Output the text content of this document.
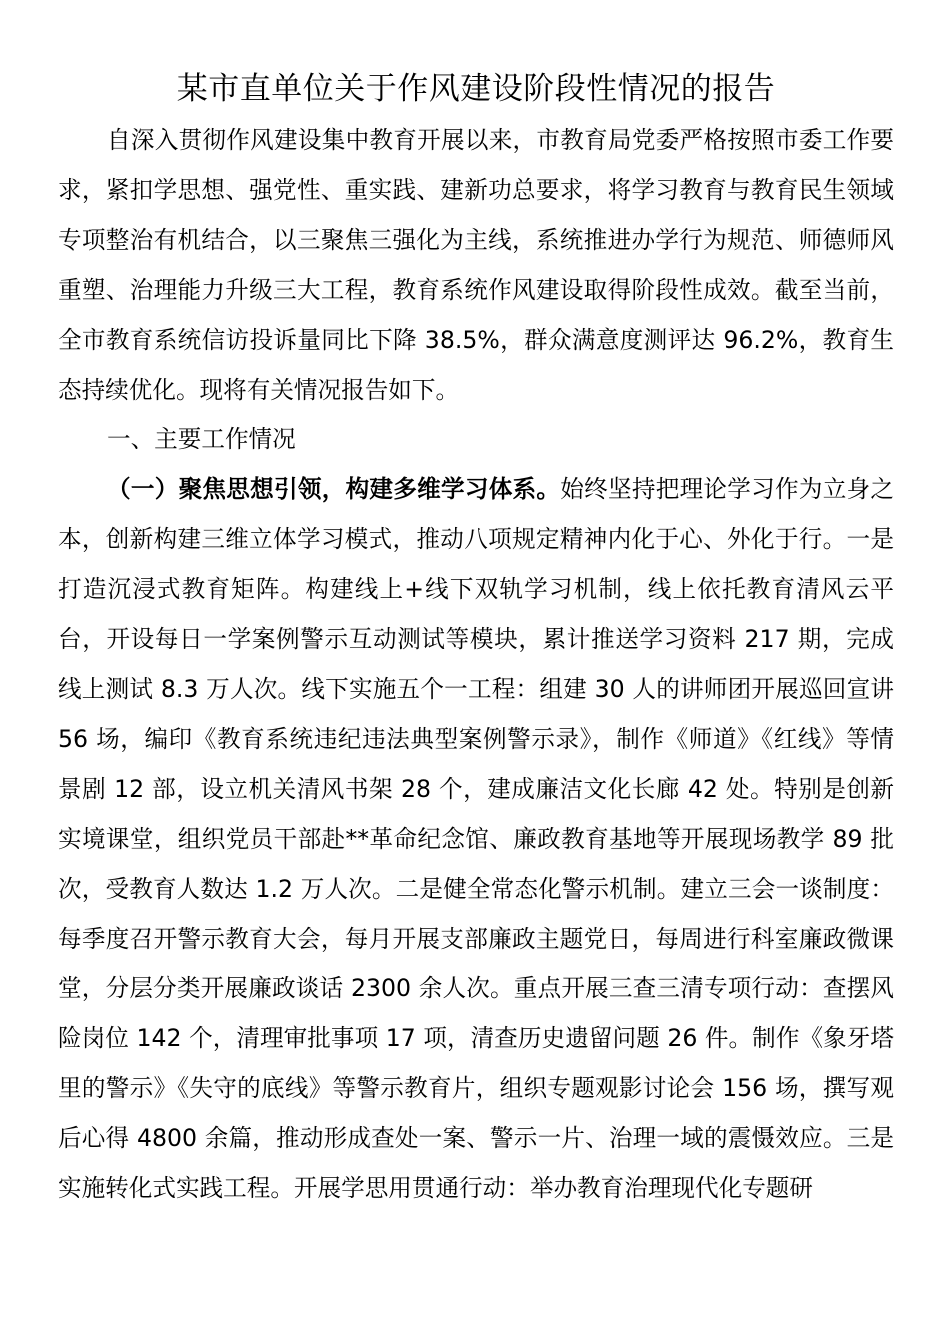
某市直单位关于作风建设阶段性情况的报告

自深入贯彻作风建设集中教育开展以来，市教育局党委严格按照市委工作要求，紧扣学思想、强党性、重实践、建新功总要求，将学习教育与教育民生领域专项整治有机结合，以三聚焦三强化为主线，系统推进办学行为规范、师德师风重塑、治理能力升级三大工程，教育系统作风建设取得阶段性成效。截至当前，全市教育系统信访投诉量同比下降 38.5%，群众满意度测评达 96.2%，教育生态持续优化。现将有关情况报告如下。

一、主要工作情况

（一）聚焦思想引领，构建多维学习体系。始终坚持把理论学习作为立身之本，创新构建三维立体学习模式，推动八项规定精神内化于心、外化于行。一是打造沉浸式教育矩阵。构建线上+线下双轨学习机制，线上依托教育清风云平台，开设每日一学案例警示互动测试等模块，累计推送学习资料 217 期，完成线上测试 8.3 万人次。线下实施五个一工程：组建 30 人的讲师团开展巡回宣讲 56 场，编印《教育系统违纪违法典型案例警示录》，制作《师道》《红线》等情景剧 12 部，设立机关清风书架 28 个，建成廉洁文化长廊 42 处。特别是创新实境课堂，组织党员干部赴**革命纪念馆、廉政教育基地等开展现场教学 89 批次，受教育人数达 1.2 万人次。二是健全常态化警示机制。建立三会一谈制度：每季度召开警示教育大会，每月开展支部廉政主题党日，每周进行科室廉政微课堂，分层分类开展廉政谈话 2300 余人次。重点开展三查三清专项行动：查摆风险岗位 142 个，清理审批事项 17 项，清查历史遗留问题 26 件。制作《象牙塔里的警示》《失守的底线》等警示教育片，组织专题观影讨论会 156 场，撰写观后心得 4800 余篇，推动形成查处一案、警示一片、治理一域的震慑效应。三是实施转化式实践工程。开展学思用贯通行动：举办教育治理现代化专题研
